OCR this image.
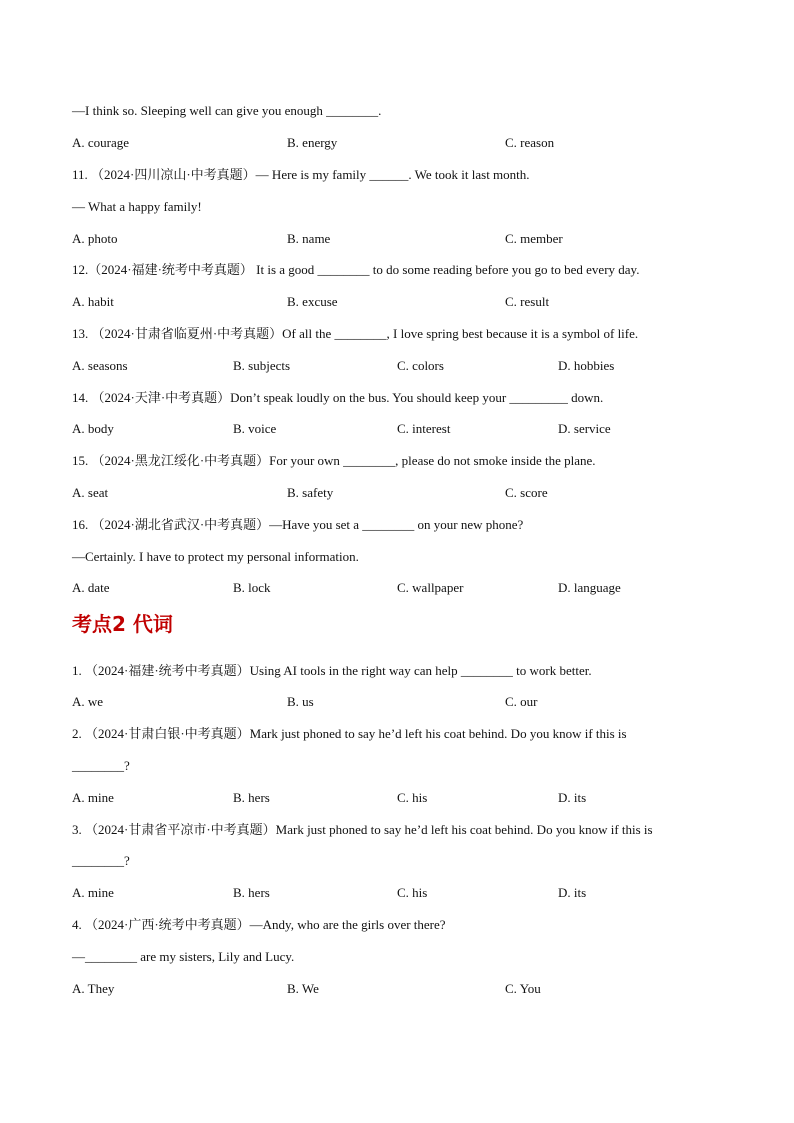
—I think so. Sleeping well can give you enough ________.
A. courage	B. energy	C. reason
11. （2024·四川凉山·中考真题）— Here is my family ______. We took it last month.
— What a happy family!
A. photo	B. name	C. member
12.（2024·福建·统考中考真题） It is a good ________ to do some reading before you go to bed every day.
A. habit	B. excuse	C. result
13. （2024·甘肃省临夏州·中考真题）Of all the ________, I love spring best because it is a symbol of life.
A. seasons	B. subjects	C. colors	D. hobbies
14. （2024·天津·中考真题）Don’t speak loudly on the bus. You should keep your _________ down.
A. body	B. voice	C. interest	D. service
15. （2024·黑龙江绥化·中考真题）For your own ________, please do not smoke inside the plane.
A. seat	B. safety	C. score
16. （2024·湖北省武汉·中考真题）—Have you set a ________ on your new phone?
—Certainly. I have to protect my personal information.
A. date	B. lock	C. wallpaper	D. language
考点2 代词
1. （2024·福建·统考中考真题）Using AI tools in the right way can help ________ to work better.
A. we	B. us	C. our
2. （2024·甘肃白银·中考真题）Mark just phoned to say he’d left his coat behind. Do you know if this is
________?
A. mine	B. hers	C. his	D. its
3. （2024·甘肃省平凉市·中考真题）Mark just phoned to say he’d left his coat behind. Do you know if this is
________?
A. mine	B. hers	C. his	D. its
4. （2024·广西·统考中考真题）—Andy, who are the girls over there?
—________ are my sisters, Lily and Lucy.
A. They	B. We	C. You
